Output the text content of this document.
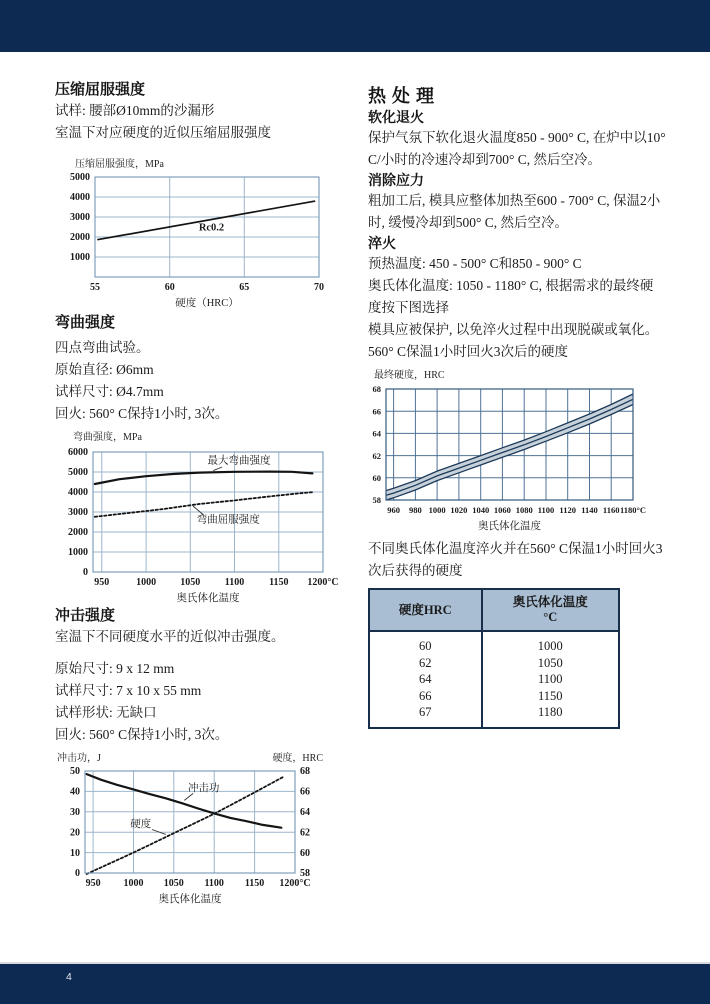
压缩屈服强度

试样: 腰部Ø10mm的沙漏形

室温下对应硬度的近似压缩屈服强度

压缩屈服强度，MPa
1000
2000
3000
4000
5000
55	60	65	70
硬度（HRC）
Rc0.2
弯曲强度

四点弯曲试验。

原始直径: Ø6mm

试样尺寸: Ø4.7mm

回火: 560° C保持1小时, 3次。

弯曲强度，MPa
0
1000
2000
3000
4000
5000
6000
950	1000 1050 1100 1150 1200°C
奥氏体化温度
最大弯曲强度
弯曲屈服强度
冲击强度

室温下不同硬度水平的近似冲击强度。

原始尺寸: 9 x 12 mm

试样尺寸: 7 x 10 x 55 mm

试样形状: 无缺口

回火: 560° C保持1小时, 3次。

冲击功，J	硬度，HRC
0
10
20
30
40
50
58
60
62
64
66
68
950 1000 1050 1100 1150 1200°C
奥氏体化温度
冲击功
硬度
热处理
软化退火

保护气氛下软化退火温度850 - 900° C, 在炉中以10° C/小时的冷速冷却到700° C, 然后空冷。

消除应力

粗加工后, 模具应整体加热至600 - 700° C, 保温2小时, 缓慢冷却到500° C, 然后空冷。

淬火

预热温度: 450 - 500° C和850 - 900° C

奥氏体化温度: 1050 - 1180° C, 根据需求的最终硬度按下图选择

模具应被保护, 以免淬火过程中出现脱碳或氧化。

560° C保温1小时回火3次后的硬度

最终硬度，HRC
58
60
62
64
66
68
960 980 1000 1020 1040 1060 1080 1100 1120 1140 1160 1180°C
奥氏体化温度

不同奥氏体化温度淬火并在560° C保温1小时回火3次后获得的硬度

硬度HRC	奥氏体化温度
°C

60	1000
62	1050
64	1100
66	1150
67	1180
4
